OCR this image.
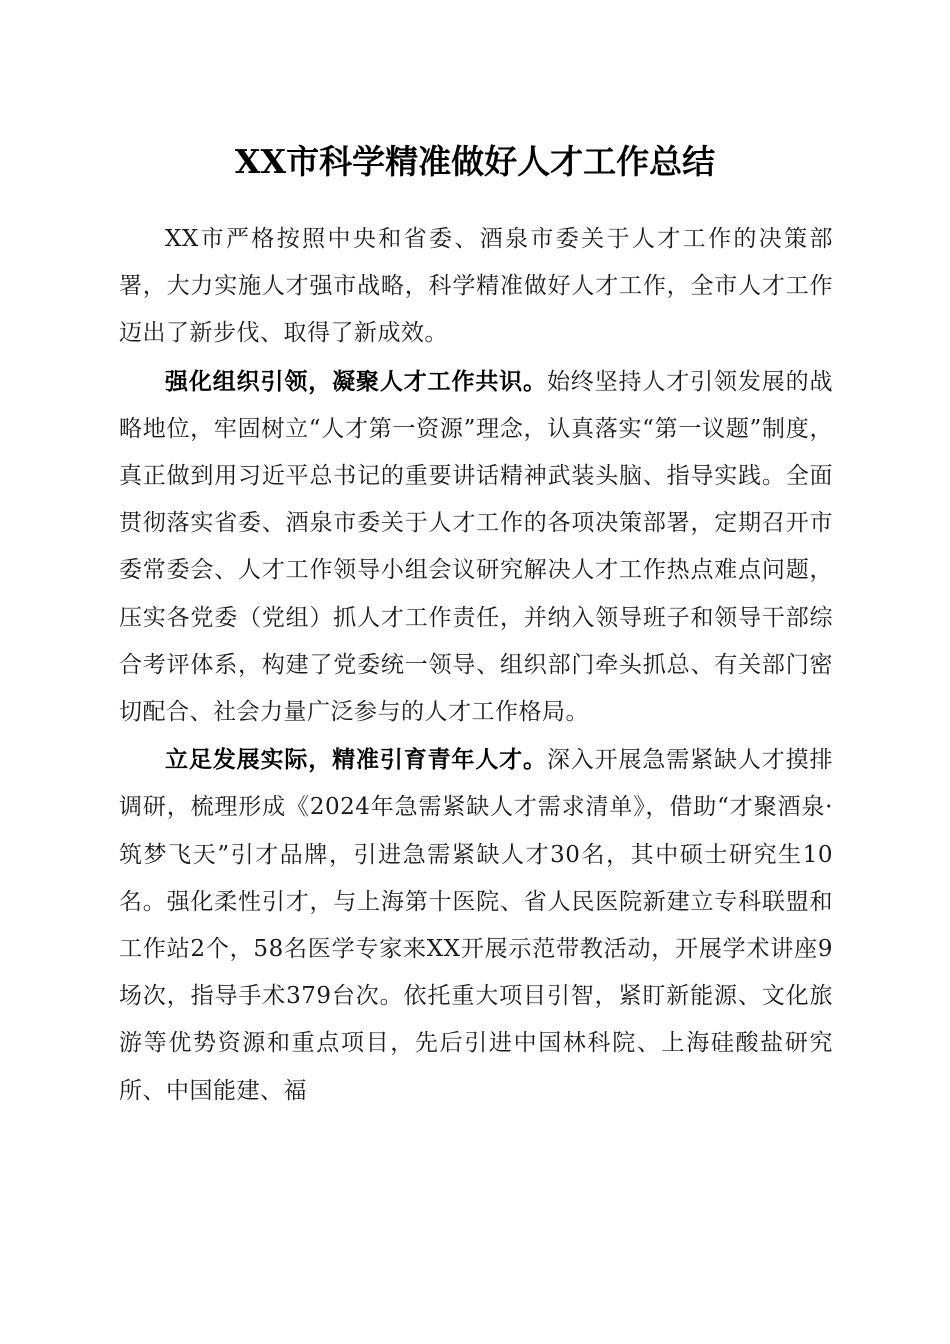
XX市科学精准做好人才工作总结

XX市严格按照中央和省委、酒泉市委关于人才工作的决策部署，大力实施人才强市战略，科学精准做好人才工作，全市人才工作迈出了新步伐、取得了新成效。

强化组织引领，凝聚人才工作共识。始终坚持人才引领发展的战略地位，牢固树立“人才第一资源”理念，认真落实“第一议题”制度，真正做到用习近平总书记的重要讲话精神武装头脑、指导实践。全面贯彻落实省委、酒泉市委关于人才工作的各项决策部署，定期召开市委常委会、人才工作领导小组会议研究解决人才工作热点难点问题，压实各党委（党组）抓人才工作责任，并纳入领导班子和领导干部综合考评体系，构建了党委统一领导、组织部门牵头抓总、有关部门密切配合、社会力量广泛参与的人才工作格局。

立足发展实际，精准引育青年人才。深入开展急需紧缺人才摸排调研，梳理形成《2024年急需紧缺人才需求清单》，借助“才聚酒泉·筑梦飞天”引才品牌，引进急需紧缺人才30名，其中硕士研究生10名。强化柔性引才，与上海第十医院、省人民医院新建立专科联盟和工作站2个，58名医学专家来XX开展示范带教活动，开展学术讲座9场次，指导手术379台次。依托重大项目引智，紧盯新能源、文化旅游等优势资源和重点项目，先后引进中国林科院、上海硅酸盐研究所、中国能建、福
